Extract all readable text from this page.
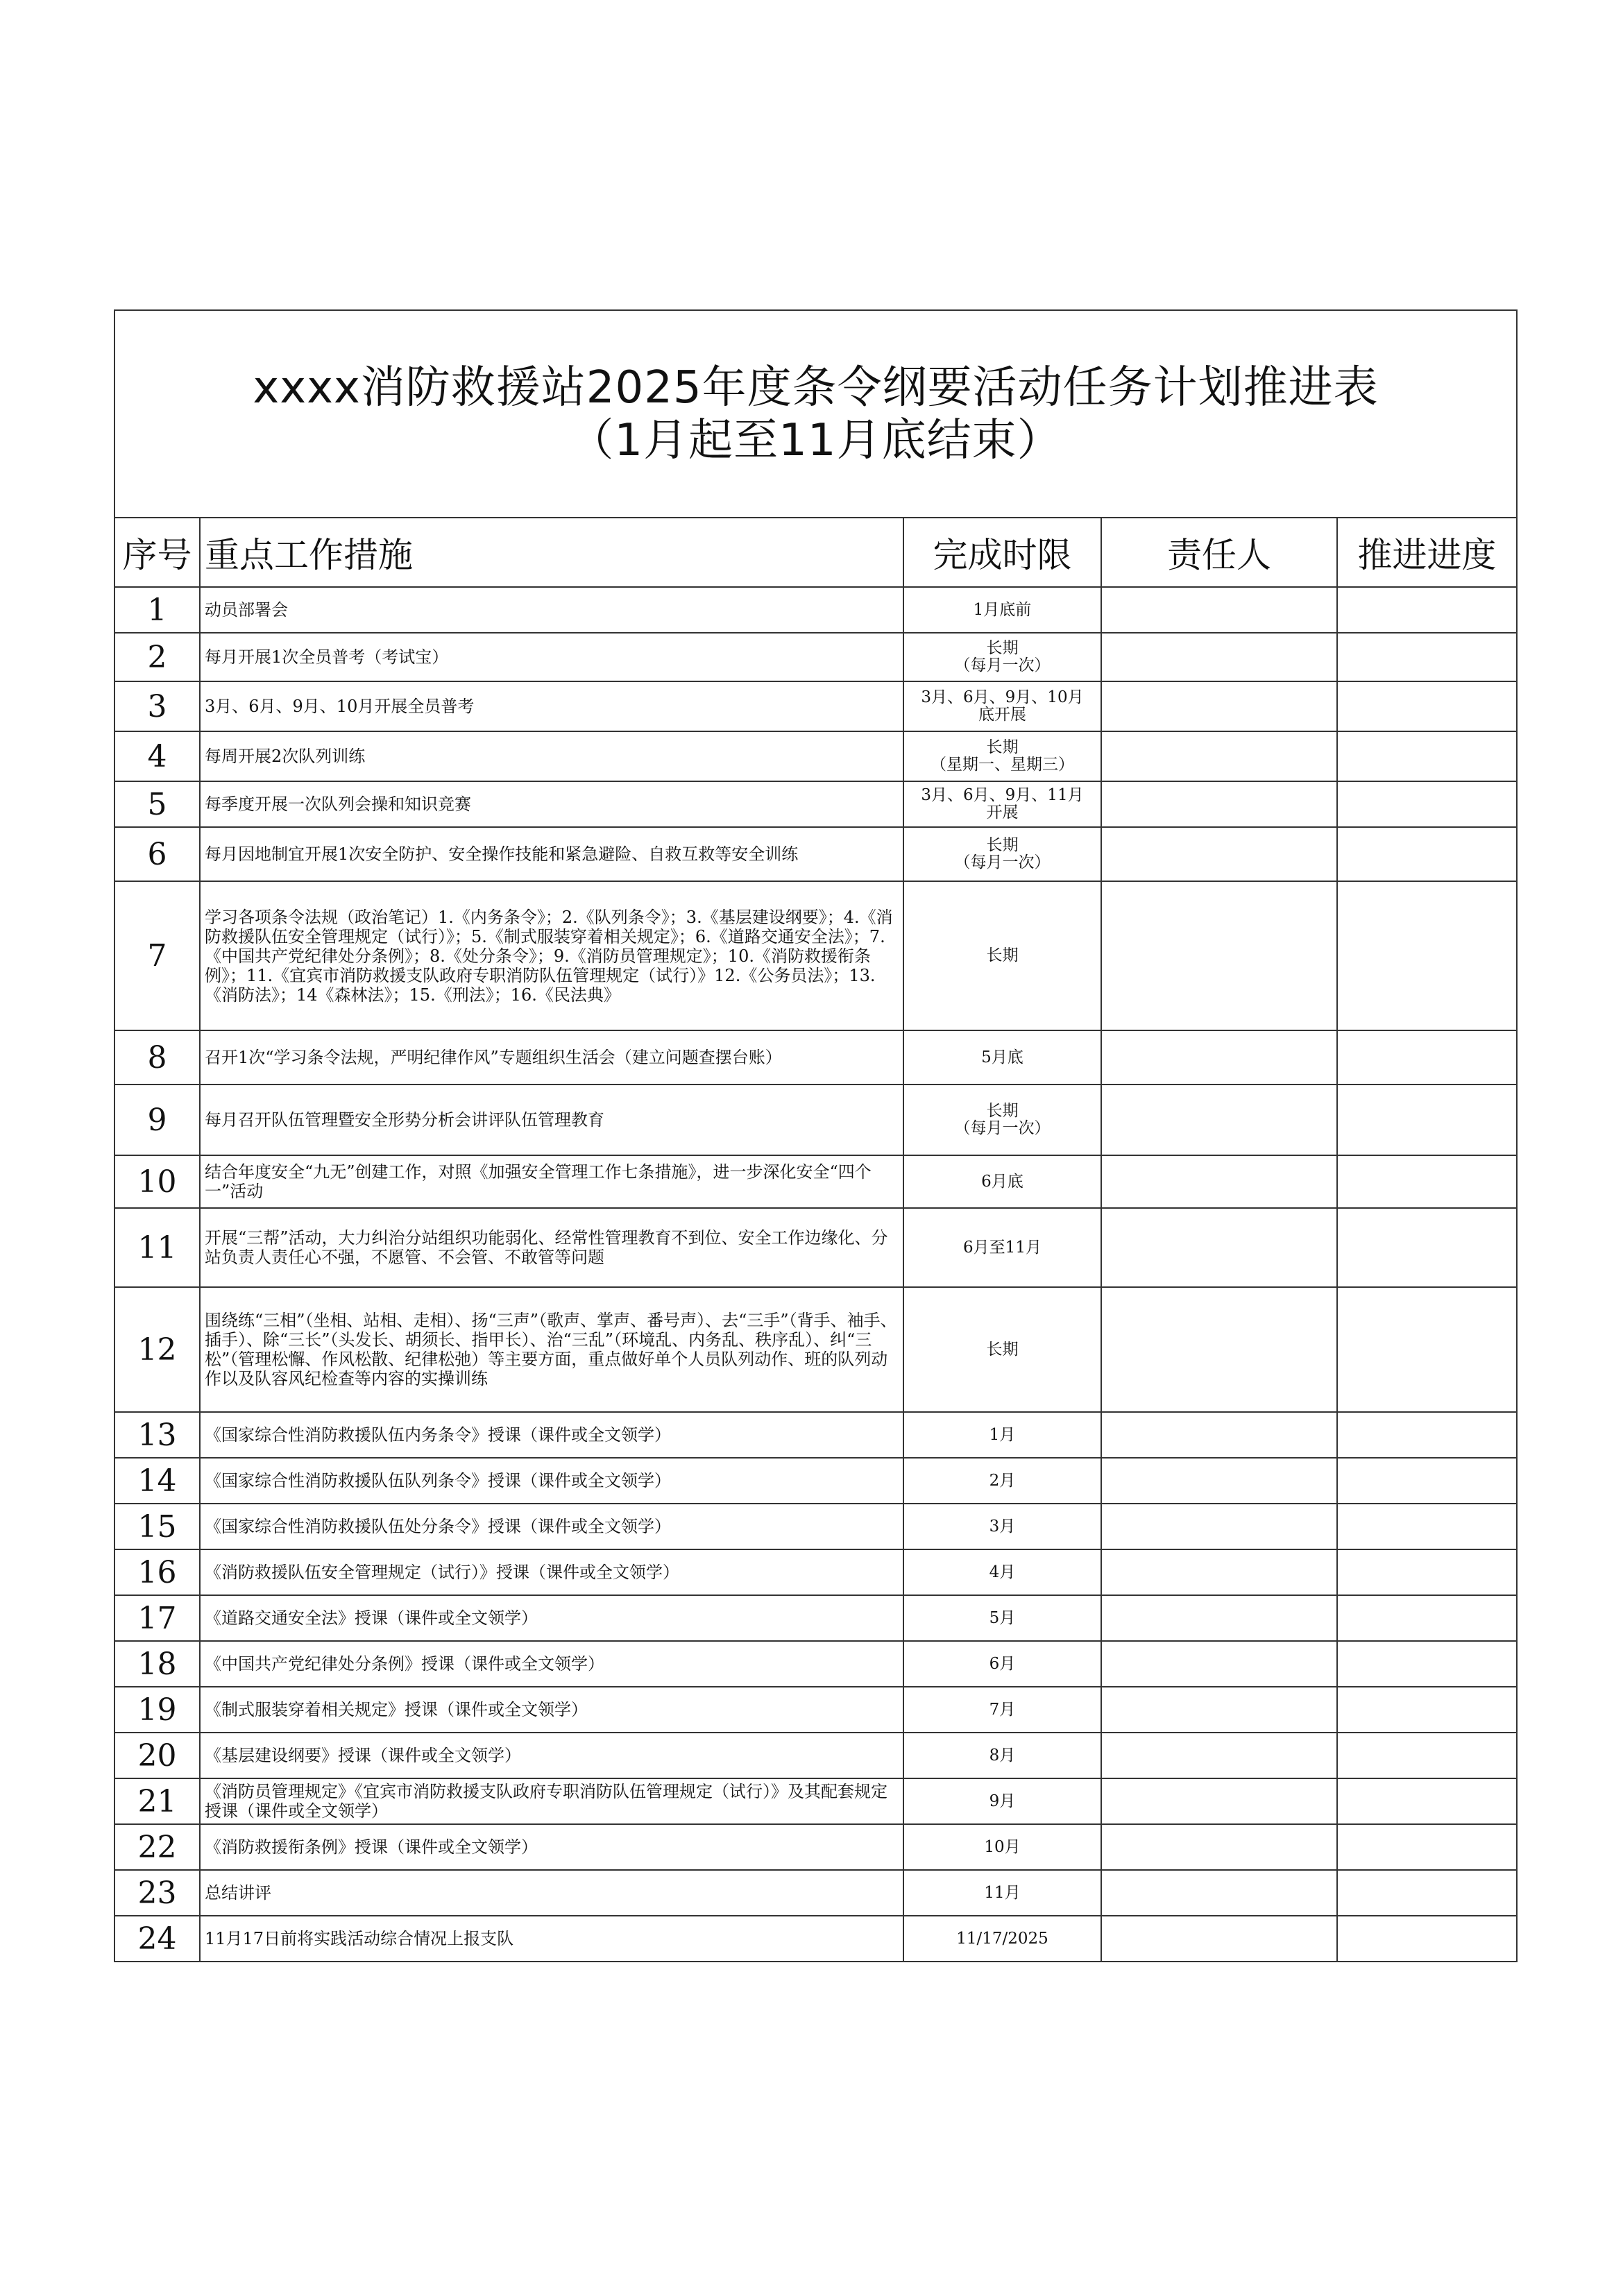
xxxx消防救援站2025年度条令纲要活动任务计划推进表
（1月起至11月底结束）				

序号	重点工作措施	完成时限	责任人	推进进度
1	动员部署会	1月底前		
2	每月开展1次全员普考（考试宝）	长期
（每月一次）		
3	3月、6月、9月、10月开展全员普考	3月、6月、9月、10月
底开展		
4	每周开展2次队列训练	长期
（星期一、星期三）		
5	每季度开展一次队列会操和知识竞赛	3月、6月、9月、11月
开展		
6	每月因地制宜开展1次安全防护、安全操作技能和紧急避险、自救互救等安全训练	长期
（每月一次）		
7	学习各项条令法规（政治笔记）1.《内务条令》；2.《队列条令》；3.《基层建设纲要》；4.《消防救援队伍安全管理规定（试行）》；5.《制式服装穿着相关规定》；6.《道路交通安全法》；7.《中国共产党纪律处分条例》；8.《处分条令》；9.《消防员管理规定》；10.《消防救援衔条例》；11.《宜宾市消防救援支队政府专职消防队伍管理规定（试行）》12.《公务员法》；13.《消防法》；14《森林法》；15.《刑法》；16.《民法典》	长期		
8	召开1次“学习条令法规，严明纪律作风”专题组织生活会（建立问题查摆台账）	5月底		
9	每月召开队伍管理暨安全形势分析会讲评队伍管理教育	长期
（每月一次）		
10	结合年度安全“九无”创建工作，对照《加强安全管理工作七条措施》，进一步深化安全“四个一”活动	6月底		
11	开展“三帮”活动，大力纠治分站组织功能弱化、经常性管理教育不到位、安全工作边缘化、分站负责人责任心不强，不愿管、不会管、不敢管等问题	6月至11月		
12	围绕练“三相”（坐相、站相、走相）、扬“三声”（歌声、掌声、番号声）、去“三手”（背手、袖手、插手）、除“三长”（头发长、胡须长、指甲长）、治“三乱”（环境乱、内务乱、秩序乱）、纠“三松”（管理松懈、作风松散、纪律松弛）等主要方面，重点做好单个人员队列动作、班的队列动作以及队容风纪检查等内容的实操训练	长期		
13	《国家综合性消防救援队伍内务条令》授课（课件或全文领学）	1月		
14	《国家综合性消防救援队伍队列条令》授课（课件或全文领学）	2月		
15	《国家综合性消防救援队伍处分条令》授课（课件或全文领学）	3月		
16	《消防救援队伍安全管理规定（试行）》授课（课件或全文领学）	4月		
17	《道路交通安全法》授课（课件或全文领学）	5月		
18	《中国共产党纪律处分条例》授课（课件或全文领学）	6月		
19	《制式服装穿着相关规定》授课（课件或全文领学）	7月		
20	《基层建设纲要》授课（课件或全文领学）	8月		
21	《消防员管理规定》《宜宾市消防救援支队政府专职消防队伍管理规定（试行）》及其配套规定授课（课件或全文领学）	9月		
22	《消防救援衔条例》授课（课件或全文领学）	10月		
23	总结讲评	11月		
24	11月17日前将实践活动综合情况上报支队	11/17/2025		
